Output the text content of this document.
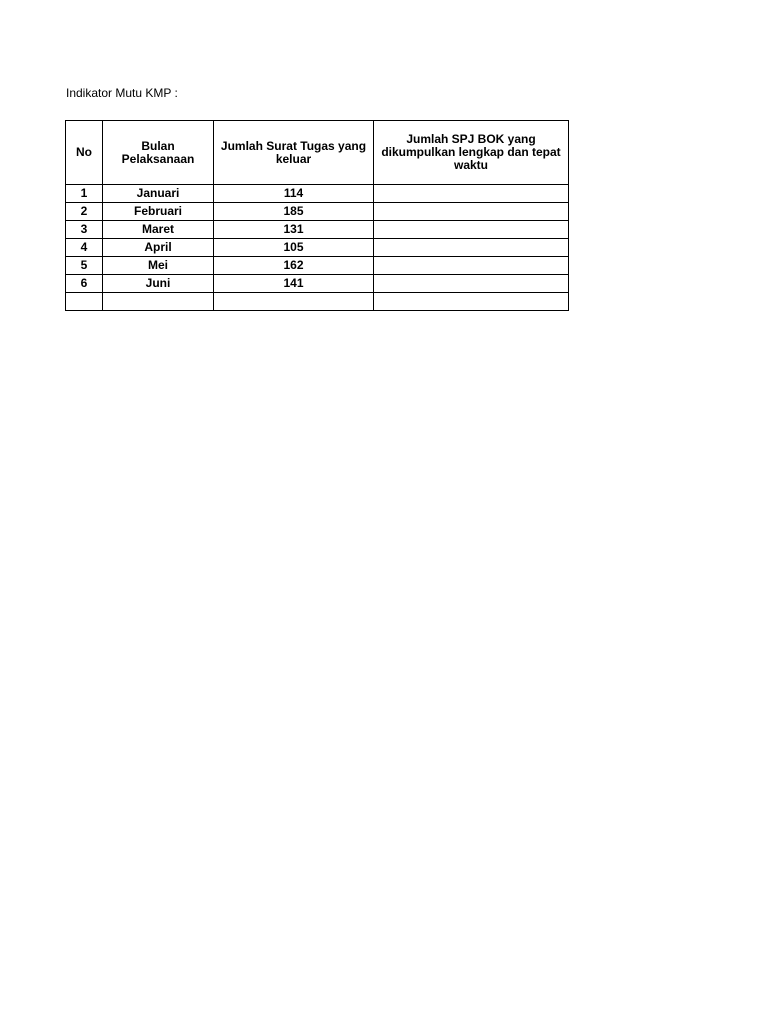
Indikator Mutu KMP :
No	Bulan Pelaksanaan	Jumlah Surat Tugas yang keluar	Jumlah SPJ BOK yang dikumpulkan lengkap dan tepat waktu
1	Januari	114	
2	Februari	185	
3	Maret	131	
4	April	105	
5	Mei	162	
6	Juni	141	
